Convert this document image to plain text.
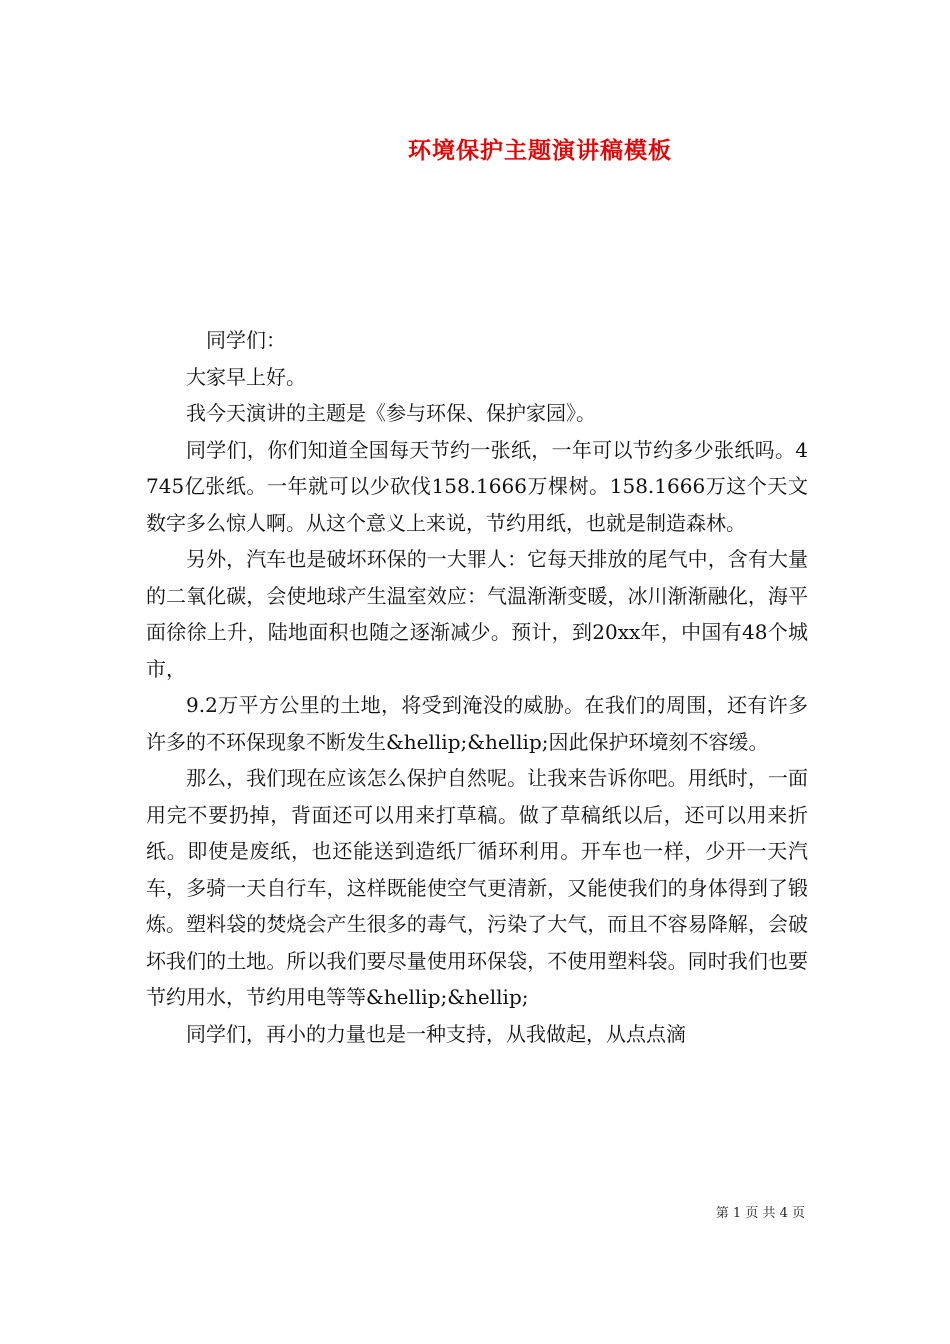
环境保护主题演讲稿模板

同学们：

大家早上好。

我今天演讲的主题是《参与环保、保护家园》。

同学们，你们知道全国每天节约一张纸，一年可以节约多少张纸吗。4745亿张纸。一年就可以少砍伐158.1666万棵树。158.1666万这个天文数字多么惊人啊。从这个意义上来说，节约用纸，也就是制造森林。

另外，汽车也是破坏环保的一大罪人：它每天排放的尾气中，含有大量的二氧化碳，会使地球产生温室效应：气温渐渐变暖，冰川渐渐融化，海平面徐徐上升，陆地面积也随之逐渐减少。预计，到20xx年，中国有48个城市，

9.2万平方公里的土地，将受到淹没的威胁。在我们的周围，还有许多许多的不环保现象不断发生&hellip;&hellip;因此保护环境刻不容缓。

那么，我们现在应该怎么保护自然呢。让我来告诉你吧。用纸时，一面用完不要扔掉，背面还可以用来打草稿。做了草稿纸以后，还可以用来折纸。即使是废纸，也还能送到造纸厂循环利用。开车也一样，少开一天汽车，多骑一天自行车，这样既能使空气更清新，又能使我们的身体得到了锻炼。塑料袋的焚烧会产生很多的毒气，污染了大气，而且不容易降解，会破坏我们的土地。所以我们要尽量使用环保袋，不使用塑料袋。同时我们也要节约用水，节约用电等等&hellip;&hellip;

同学们，再小的力量也是一种支持，从我做起，从点点滴

第 1 页 共 4 页
